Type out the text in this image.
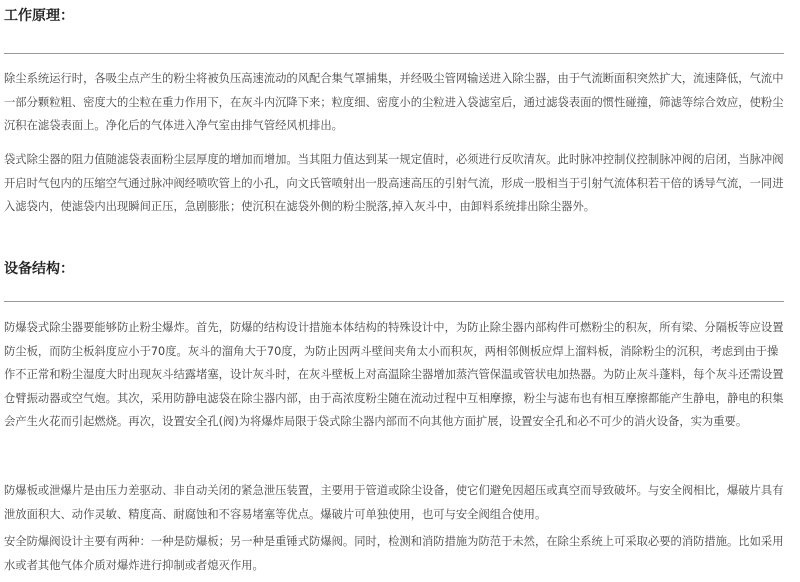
工作原理：

除尘系统运行时，各吸尘点产生的粉尘将被负压高速流动的风配合集气罩捕集，并经吸尘管网输送进入除尘器，由于气流断面积突然扩大，流速降低，气流中一部分颗粒粗、密度大的尘粒在重力作用下，在灰斗内沉降下来；粒度细、密度小的尘粒进入袋滤室后，通过滤袋表面的惯性碰撞，筛滤等综合效应，使粉尘沉积在滤袋表面上。净化后的气体进入净气室由排气管经风机排出。

袋式除尘器的阻力值随滤袋表面粉尘层厚度的增加而增加。当其阻力值达到某一规定值时，必须进行反吹清灰。此时脉冲控制仪控制脉冲阀的启闭，当脉冲阀开启时气包内的压缩空气通过脉冲阀经喷吹管上的小孔，向文氏管喷射出一股高速高压的引射气流，形成一股相当于引射气流体积若干倍的诱导气流，一同进入滤袋内，使滤袋内出现瞬间正压，急剧膨胀；使沉积在滤袋外侧的粉尘脱落,掉入灰斗中，由卸料系统排出除尘器外。

设备结构：

防爆袋式除尘器要能够防止粉尘爆炸。首先，防爆的结构设计措施本体结构的特殊设计中，为防止除尘器内部构件可燃粉尘的积灰，所有梁、分隔板等应设置防尘板，而防尘板斜度应小于70度。灰斗的溜角大于70度，为防止因两斗壁间夹角太小而积灰，两相邻侧板应焊上溜料板，消除粉尘的沉积，考虑到由于操作不正常和粉尘湿度大时出现灰斗结露堵塞，设计灰斗时，在灰斗壁板上对高温除尘器增加蒸汽管保温或管状电加热器。为防止灰斗蓬料，每个灰斗还需设置仓臂振动器或空气炮。其次，采用防静电滤袋在除尘器内部，由于高浓度粉尘随在流动过程中互相摩擦，粉尘与滤布也有相互摩擦都能产生静电，静电的积集会产生火花而引起燃烧。再次，设置安全孔(阀)为将爆炸局限于袋式除尘器内部而不向其他方面扩展，设置安全孔和必不可少的消火设备，实为重要。

防爆板或泄爆片是由压力差驱动、非自动关闭的紧急泄压装置，主要用于管道或除尘设备，使它们避免因超压或真空而导致破坏。与安全阀相比，爆破片具有泄放面积大、动作灵敏、精度高、耐腐蚀和不容易堵塞等优点。爆破片可单独使用，也可与安全阀组合使用。

安全防爆阀设计主要有两种：一种是防爆板；另一种是重锤式防爆阀。同时，检测和消防措施为防范于未然，在除尘系统上可采取必要的消防措施。比如采用水或者其他气体介质对爆炸进行抑制或者熄灭作用。
